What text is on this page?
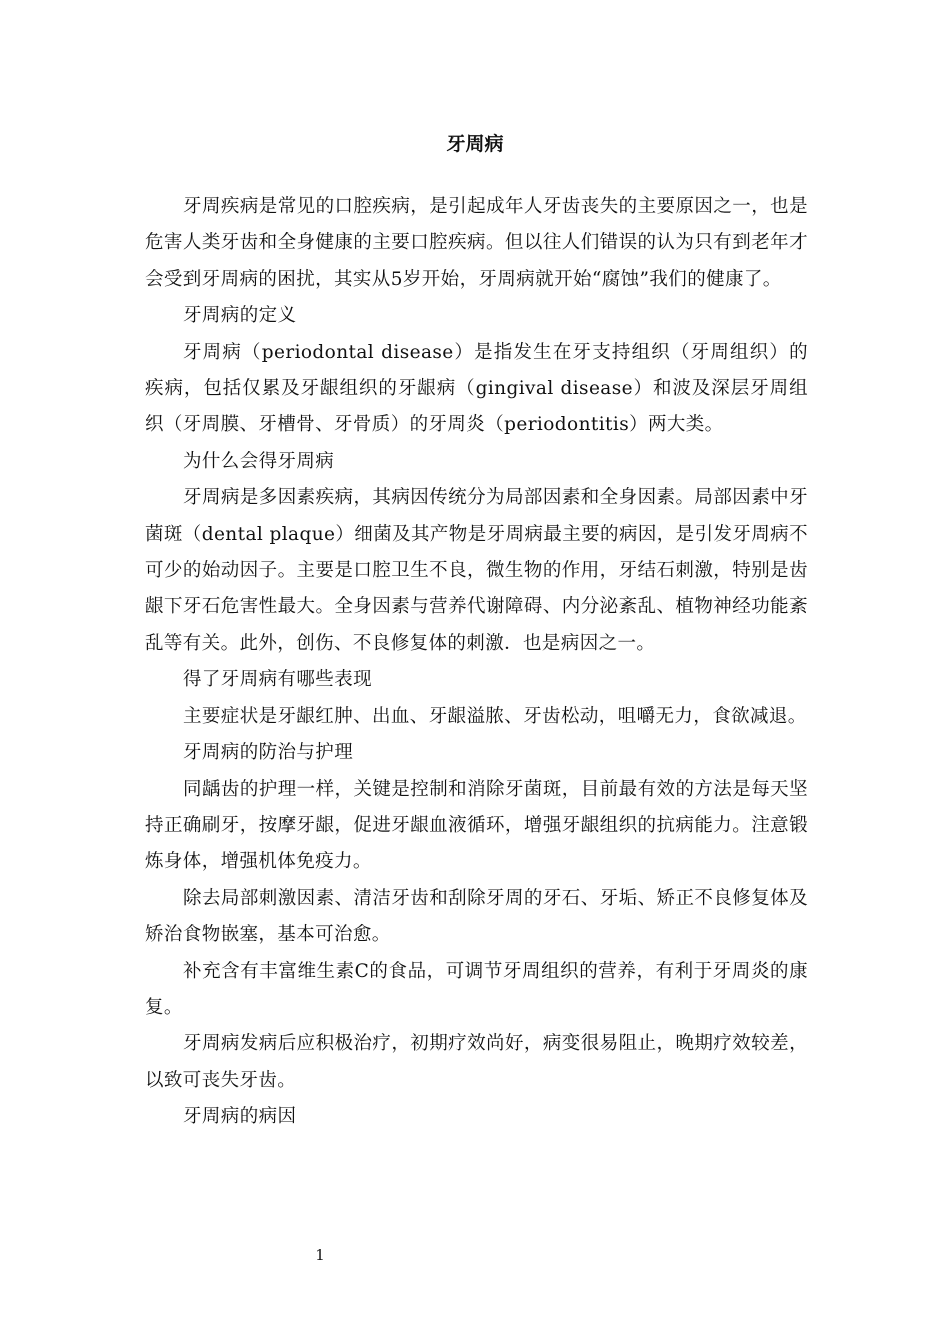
牙周病

牙周疾病是常见的口腔疾病，是引起成年人牙齿丧失的主要原因之一，也是危害人类牙齿和全身健康的主要口腔疾病。但以往人们错误的认为只有到老年才会受到牙周病的困扰，其实从5岁开始，牙周病就开始“腐蚀”我们的健康了。

牙周病的定义

牙周病（periodontal disease）是指发生在牙支持组织（牙周组织）的疾病，包括仅累及牙龈组织的牙龈病（gingival disease）和波及深层牙周组织（牙周膜、牙槽骨、牙骨质）的牙周炎（periodontitis）两大类。

为什么会得牙周病

牙周病是多因素疾病，其病因传统分为局部因素和全身因素。局部因素中牙菌斑（dental plaque）细菌及其产物是牙周病最主要的病因，是引发牙周病不可少的始动因子。主要是口腔卫生不良，微生物的作用，牙结石刺激，特别是齿龈下牙石危害性最大。全身因素与营养代谢障碍、内分泌紊乱、植物神经功能紊乱等有关。此外，创伤、不良修复体的刺激．也是病因之一。

得了牙周病有哪些表现

主要症状是牙龈红肿、出血、牙龈溢脓、牙齿松动，咀嚼无力，食欲减退。

牙周病的防治与护理

同龋齿的护理一样，关键是控制和消除牙菌斑，目前最有效的方法是每天坚持正确刷牙，按摩牙龈，促进牙龈血液循环，增强牙龈组织的抗病能力。注意锻炼身体，增强机体免疫力。

除去局部刺激因素、清洁牙齿和刮除牙周的牙石、牙垢、矫正不良修复体及矫治食物嵌塞，基本可治愈。

补充含有丰富维生素C的食品，可调节牙周组织的营养，有利于牙周炎的康复。

牙周病发病后应积极治疗，初期疗效尚好，病变很易阻止，晚期疗效较差，以致可丧失牙齿。

牙周病的病因

1
